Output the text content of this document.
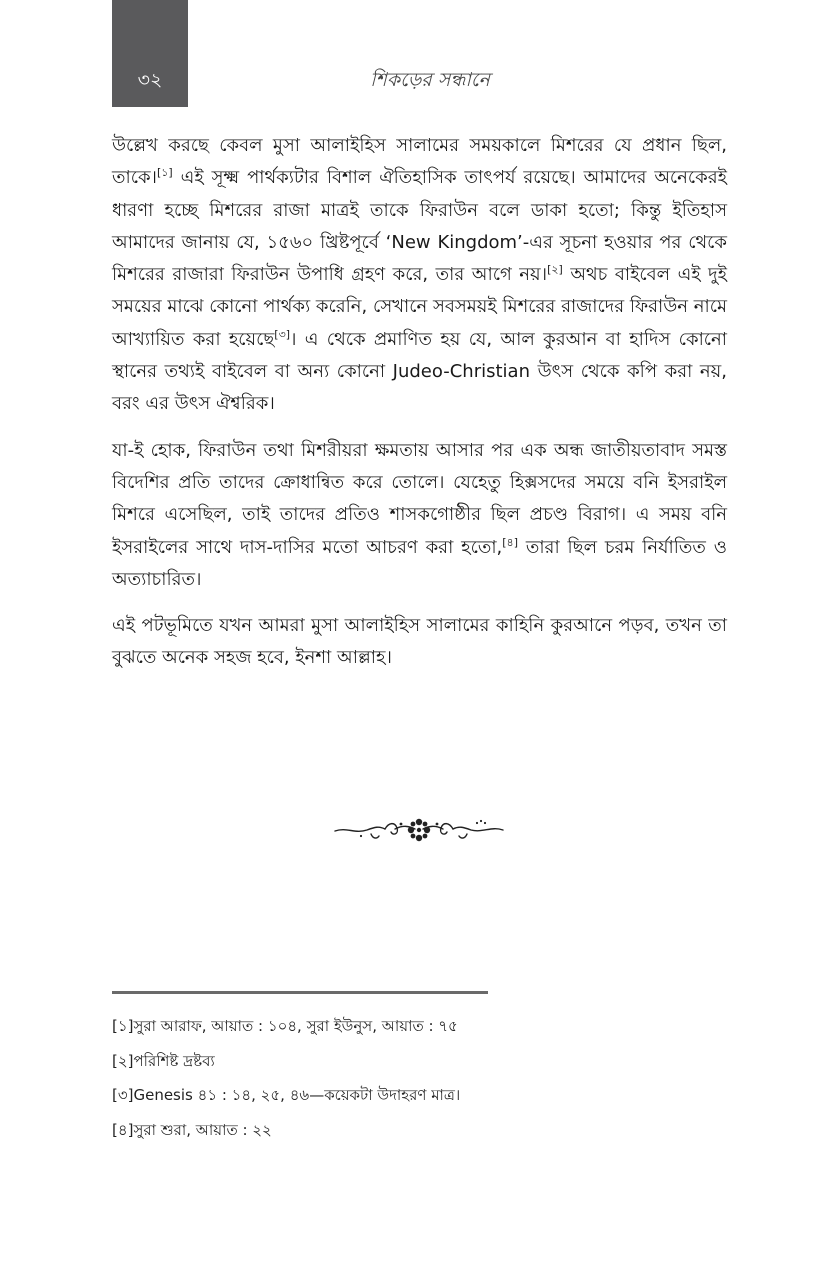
৩২	শিকড়ের সন্ধানে

উল্লেখ করছে কেবল মুসা আলাইহিস সালামের সময়কালে মিশরের যে প্রধান ছিল, তাকে।[১] এই সূক্ষ্ম পার্থক্যটার বিশাল ঐতিহাসিক তাৎপর্য রয়েছে। আমাদের অনেকেরই ধারণা হচ্ছে মিশরের রাজা মাত্রই তাকে ফিরাউন বলে ডাকা হতো; কিন্তু ইতিহাস আমাদের জানায় যে, ১৫৬০ খ্রিষ্টপূর্বে ‘New Kingdom’-এর সূচনা হওয়ার পর থেকে মিশরের রাজারা ফিরাউন উপাধি গ্রহণ করে, তার আগে নয়।[২] অথচ বাইবেল এই দুই সময়ের মাঝে কোনো পার্থক্য করেনি, সেখানে সবসময়ই মিশরের রাজাদের ফিরাউন নামে আখ্যায়িত করা হয়েছে[৩]। এ থেকে প্রমাণিত হয় যে, আল কুরআন বা হাদিস কোনো স্থানের তথ্যই বাইবেল বা অন্য কোনো Judeo-Christian উৎস থেকে কপি করা নয়, বরং এর উৎস ঐশ্বরিক।

যা-ই হোক, ফিরাউন তথা মিশরীয়রা ক্ষমতায় আসার পর এক অন্ধ জাতীয়তাবাদ সমস্ত বিদেশির প্রতি তাদের ক্রোধান্বিত করে তোলে। যেহেতু হিক্সসদের সময়ে বনি ইসরাইল মিশরে এসেছিল, তাই তাদের প্রতিও শাসকগোষ্ঠীর ছিল প্রচণ্ড বিরাগ। এ সময় বনি ইসরাইলের সাথে দাস-দাসির মতো আচরণ করা হতো,[৪] তারা ছিল চরম নির্যাতিত ও অত্যাচারিত।

এই পটভূমিতে যখন আমরা মুসা আলাইহিস সালামের কাহিনি কুরআনে পড়ব, তখন তা বুঝতে অনেক সহজ হবে, ইনশা আল্লাহ।

[১]সুরা আরাফ, আয়াত : ১০৪, সুরা ইউনুস, আয়াত : ৭৫

[২]পরিশিষ্ট দ্রষ্টব্য

[৩]Genesis ৪১ : ১৪, ২৫, ৪৬—কয়েকটা উদাহরণ মাত্র।

[৪]সুরা শুরা, আয়াত : ২২
